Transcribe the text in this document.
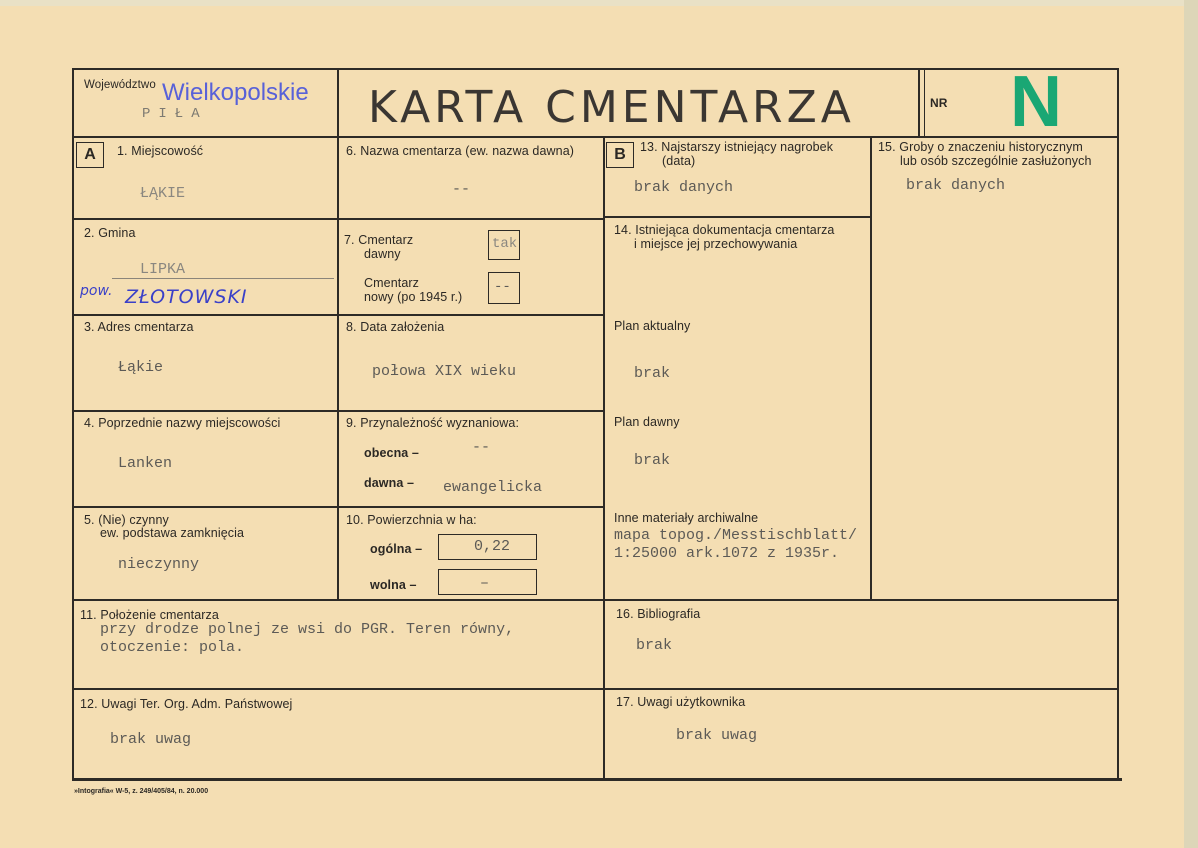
Województwo Wielkopolskie
PIŁA	KARTA CMENTARZA	NR N
A	1. Miejscowość
ŁĄKIE
2. Gmina
LIPKA
pow. ZŁOTOWSKI
3. Adres cmentarza
Łąkie
4. Poprzednie nazwy miejscowości
Lanken
5. (Nie) czynny
ew. podstawa zamknięcia
nieczynny
6. Nazwa cmentarza (ew. nazwa dawna)
--
7. Cmentarz
dawny
tak
Cmentarz
nowy (po 1945 r.)
--
8. Data założenia
połowa XIX wieku
9. Przynależność wyznaniowa:
obecna –	--
dawna – ewangelicka
10. Powierzchnia w ha:
ogólna –	0,22
wolna –	–
B	13. Najstarszy istniejący nagrobek
(data)
brak danych
14. Istniejąca dokumentacja cmentarza
i miejsce jej przechowywania
Plan aktualny
brak
Plan dawny
brak
Inne materiały archiwalne
mapa topog./Messtischblatt/
1:25000 ark.1072 z 1935r.
15. Groby o znaczeniu historycznym
lub osób szczególnie zasłużonych
brak danych
11. Położenie cmentarza
przy drodze polnej ze wsi do PGR. Teren równy,
otoczenie: pola.
16. Bibliografia
brak
12. Uwagi Ter. Org. Adm. Państwowej
brak uwag
17. Uwagi użytkownika
brak uwag
»Intografia« W-5, z. 249/405/84, n. 20.000
